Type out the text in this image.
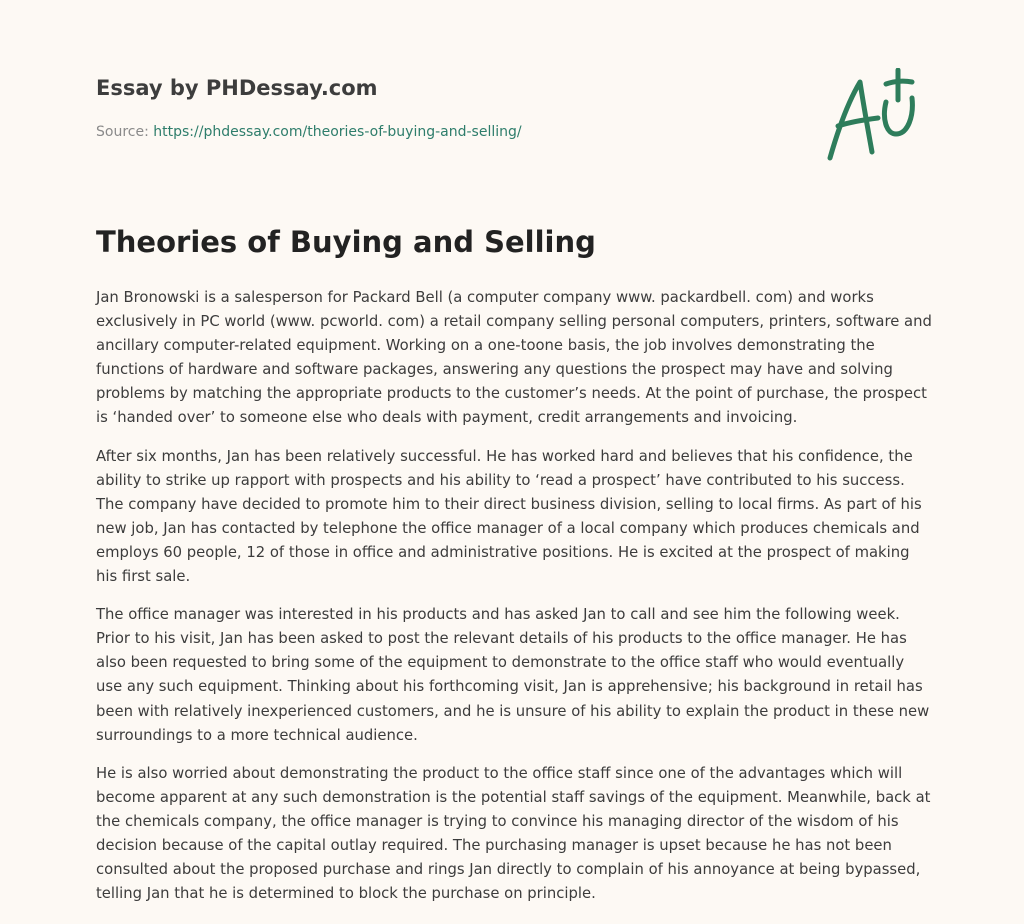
Essay by PHDessay.com
Source: https://phdessay.com/theories-of-buying-and-selling/
Theories of Buying and Selling

Jan Bronowski is a salesperson for Packard Bell (a computer company www. packardbell. com) and works exclusively in PC world (www. pcworld. com) a retail company selling personal computers, printers, software and ancillary computer-related equipment. Working on a one-toone basis, the job involves demonstrating the functions of hardware and software packages, answering any questions the prospect may have and solving problems by matching the appropriate products to the customer’s needs. At the point of purchase, the prospect is ‘handed over’ to someone else who deals with payment, credit arrangements and invoicing.

After six months, Jan has been relatively successful. He has worked hard and believes that his confidence, the ability to strike up rapport with prospects and his ability to ‘read a prospect’ have contributed to his success. The company have decided to promote him to their direct business division, selling to local firms. As part of his new job, Jan has contacted by telephone the office manager of a local company which produces chemicals and employs 60 people, 12 of those in office and administrative positions. He is excited at the prospect of making his first sale.

The office manager was interested in his products and has asked Jan to call and see him the following week. Prior to his visit, Jan has been asked to post the relevant details of his products to the office manager. He has also been requested to bring some of the equipment to demonstrate to the office staff who would eventually use any such equipment. Thinking about his forthcoming visit, Jan is apprehensive; his background in retail has been with relatively inexperienced customers, and he is unsure of his ability to explain the product in these new surroundings to a more technical audience.

He is also worried about demonstrating the product to the office staff since one of the advantages which will become apparent at any such demonstration is the potential staff savings of the equipment. Meanwhile, back at the chemicals company, the office manager is trying to convince his managing director of the wisdom of his decision because of the capital outlay required. The purchasing manager is upset because he has not been consulted about the proposed purchase and rings Jan directly to complain of his annoyance at being bypassed, telling Jan that he is determined to block the purchase on principle.
